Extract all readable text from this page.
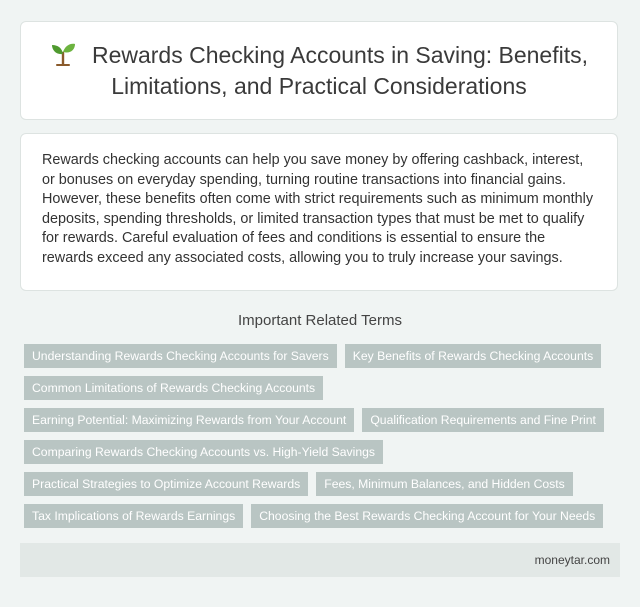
Rewards Checking Accounts in Saving: Benefits, Limitations, and Practical Considerations

Rewards checking accounts can help you save money by offering cashback, interest, or bonuses on everyday spending, turning routine transactions into financial gains. However, these benefits often come with strict requirements such as minimum monthly deposits, spending thresholds, or limited transaction types that must be met to qualify for rewards. Careful evaluation of fees and conditions is essential to ensure the rewards exceed any associated costs, allowing you to truly increase your savings.

Important Related Terms
Understanding Rewards Checking Accounts for Savers	Key Benefits of Rewards Checking Accounts
Common Limitations of Rewards Checking Accounts
Earning Potential: Maximizing Rewards from Your Account	Qualification Requirements and Fine Print
Comparing Rewards Checking Accounts vs. High-Yield Savings
Practical Strategies to Optimize Account Rewards	Fees, Minimum Balances, and Hidden Costs
Tax Implications of Rewards Earnings	Choosing the Best Rewards Checking Account for Your Needs
moneytar.com
